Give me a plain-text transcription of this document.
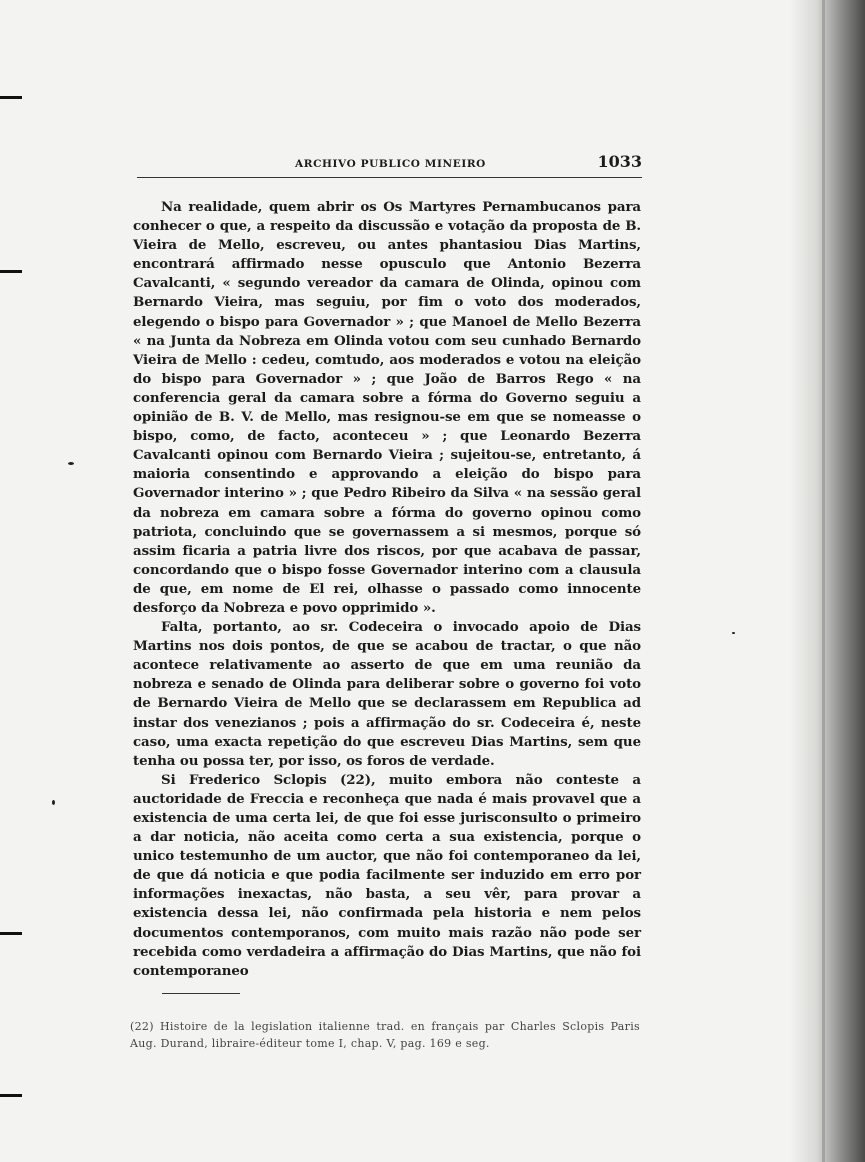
ARCHIVO PUBLICO MINEIRO	1033

Na realidade, quem abrir os Os Martyres Pernambucanos para conhecer o que, a respeito da discussão e votação da proposta de B. Vieira de Mello, escreveu, ou antes phantasiou Dias Martins, encontrará affirmado nesse opusculo que Antonio Bezerra Cavalcanti, « segundo vereador da camara de Olinda, opinou com Bernardo Vieira, mas seguiu, por fim o voto dos moderados, elegendo o bispo para Governador » ; que Manoel de Mello Bezerra « na Junta da Nobreza em Olinda votou com seu cunhado Bernardo Vieira de Mello : cedeu, comtudo, aos moderados e votou na eleição do bispo para Governador » ; que João de Barros Rego « na conferencia geral da camara sobre a fórma do Governo seguiu a opinião de B. V. de Mello, mas resignou-se em que se nomeasse o bispo, como, de facto, aconteceu » ; que Leonardo Bezerra Cavalcanti opinou com Bernardo Vieira ; sujeitou-se, entretanto, á maioria consentindo e approvando a eleição do bispo para Governador interino » ; que Pedro Ribeiro da Silva « na sessão geral da nobreza em camara sobre a fórma do governo opinou como patriota, concluindo que se governassem a si mesmos, porque só assim ficaria a patria livre dos riscos, por que acabava de passar, concordando que o bispo fosse Governador interino com a clausula de que, em nome de El rei, olhasse o passado como innocente desforço da Nobreza e povo opprimido ».

Falta, portanto, ao sr. Codeceira o invocado apoio de Dias Martins nos dois pontos, de que se acabou de tractar, o que não acontece relativamente ao asserto de que em uma reunião da nobreza e senado de Olinda para deliberar sobre o governo foi voto de Bernardo Vieira de Mello que se declarassem em Republica ad instar dos venezianos ; pois a affirmação do sr. Codeceira é, neste caso, uma exacta repetição do que escreveu Dias Martins, sem que tenha ou possa ter, por isso, os foros de verdade.

Si Frederico Sclopis (22), muito embora não conteste a auctoridade de Freccia e reconheça que nada é mais provavel que a existencia de uma certa lei, de que foi esse jurisconsulto o primeiro a dar noticia, não aceita como certa a sua existencia, porque o unico testemunho de um auctor, que não foi contemporaneo da lei, de que dá noticia e que podia facilmente ser induzido em erro por informações inexactas, não basta, a seu vêr, para provar a existencia dessa lei, não confirmada pela historia e nem pelos documentos contemporanos, com muito mais razão não pode ser recebida como verdadeira a affirmação do Dias Martins, que não foi contemporaneo

(22) Histoire de la legislation italienne trad. en français par Charles Sclopis Paris Aug. Durand, libraire-éditeur tome I, chap. V, pag. 169 e seg.
